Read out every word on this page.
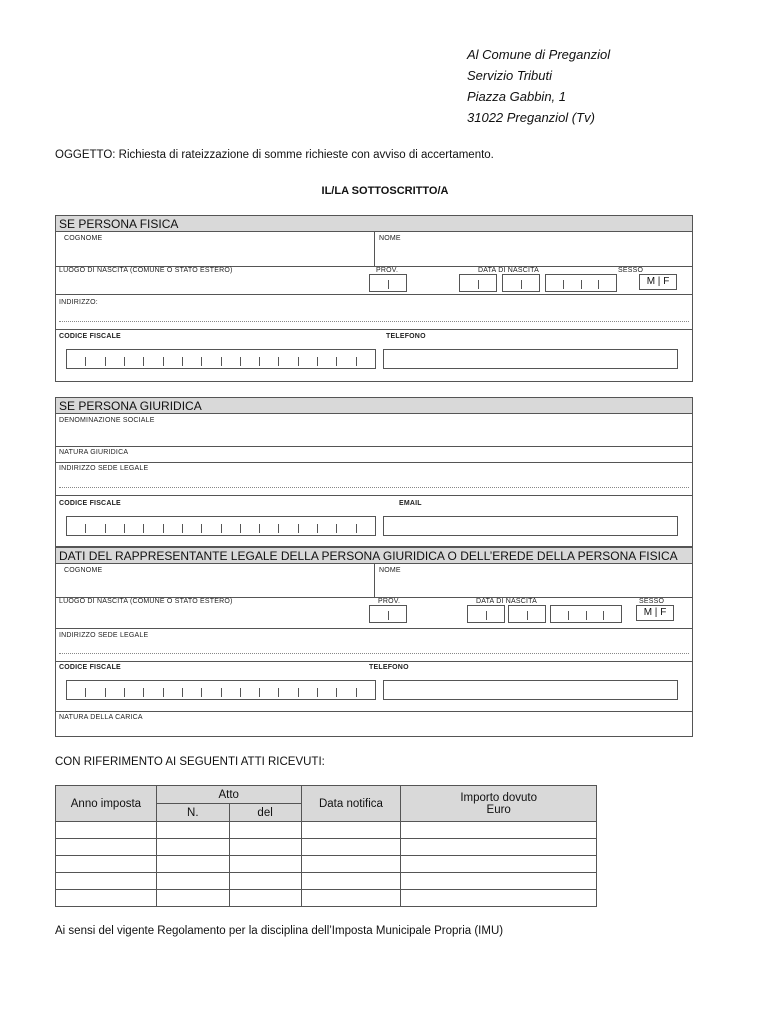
Al Comune di Preganziol
Servizio Tributi
Piazza Gabbin, 1
31022 Preganziol (Tv)
OGGETTO: Richiesta di rateizzazione di somme richieste con avviso di accertamento.
IL/LA SOTTOSCRITTO/A
SE PERSONA FISICA
COGNOME	NOME
LUOGO DI NASCITA (COMUNE O STATO ESTERO)	PROV.	DATA DI NASCITA	SESSO
M | F
INDIRIZZO:
CODICE FISCALE	TELEFONO
SE PERSONA GIURIDICA
DENOMINAZIONE SOCIALE
NATURA GIURIDICA
INDIRIZZO SEDE LEGALE
CODICE FISCALE	EMAIL
DATI DEL RAPPRESENTANTE LEGALE DELLA PERSONA GIURIDICA O DELL’EREDE DELLA PERSONA FISICA
COGNOME	NOME
LUOGO DI NASCITA (COMUNE O STATO ESTERO)	PROV.	DATA DI NASCITA	SESSO
M | F
INDIRIZZO SEDE LEGALE
CODICE FISCALE	TELEFONO
NATURA DELLA CARICA
CON RIFERIMENTO AI SEGUENTI ATTI RICEVUTI:
Anno imposta	Atto		Data notifica	Importo dovuto
Euro
	N.	del		

Ai sensi del vigente Regolamento per la disciplina dell’Imposta Municipale Propria (IMU)
